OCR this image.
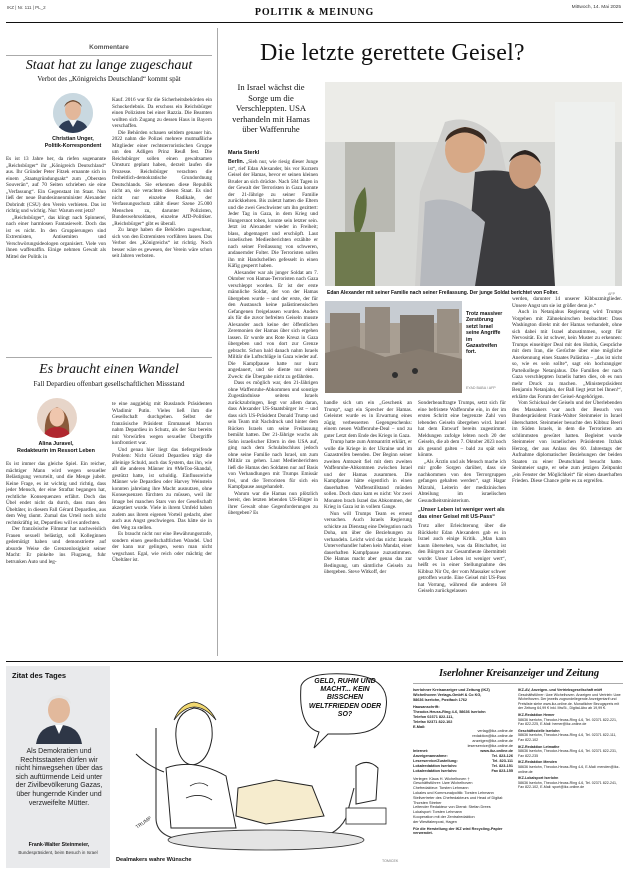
IKZ | Nr. 111 | PL_2	POLITIK & MEINUNG	Mittwoch, 14. Mai 2025
Kommentare
Staat hat zu lange zugeschaut
Verbot des „Königreichs Deutschland“ kommt spät
Christian Unger,
Politik-Korrespondent

Es ist 13 Jahre her, da riefen sogenannte „Reichsbürger“ ihr „Königreich Deutschland“ aus. Ihr Gründer Peter Fitzek ernannte sich in einem „Staatsgründungsakt“ zum „Obersten Souverän“, auf 70 Seiten schrieben sie eine „Verfassung“. Ein Gegenstaat im Staat. Nun ließ der neue Bundesinnenminister Alexander Dobrindt (CSU) den Verein verbieten. Das ist richtig und wichtig. Nur: Warum erst jetzt?

„Reichsbürger“, das klingt nach Spinnereí, nach einer harmlosen Fantasiewelt. Doch das ist es nicht. In den Gruppierungen sind Extremisten, Antisemiten und Verschwörungsideologen organisiert. Viele von ihnen waffenaffin. Einige nehmen Gewalt als Mittel der Politik in

Kauf. 2016 war für die Sicherheitsbehörden ein Schockerlebnis. Da erschoss ein Reichsbürger einen Polizisten bei einer Razzia. Die Beamten wollten sich Zugang zu dessen Haus in Bayern verschaffen.

Die Behörden schauen seitdem genauer hin. 2022 nahm die Polizei mehrere mutmaßliche Mitglieder einer rechtsterroristischen Gruppe um den Adligen Prinz Reuß fest. Die Reichsbürger sollen einen gewaltsamen Umsturz geplant haben, derzeit laufen die Prozesse. Reichsbürger verachten die freiheitlich-demokratische Grundordnung Deutschlands. Sie erkennen diese Republik nicht an, sie verachten diesen Staat. Es sind nicht nur einzelne Radikale, der Verfassungsschutz zählt dieser Szene 25.000 Menschen zu, darunter Polizisten, Bundeswehrsoldaten, einzelne AfD-Politiker. „Reichsbürger“ gibt es überall.

Zu lange haben die Behörden zugeschaut, sich von den Extremisten vorführen lassen. Das Verbot des „Königreichs“ ist richtig. Noch besser wäre es gewesen, der Verein wäre schon seit Jahren verboten.

Es braucht einen Wandel
Fall Depardieu offenbart gesellschaftlichen Missstand
Alina Juravel,
Redakteurin im Ressort Leben

Es ist immer das gleiche Spiel. Ein reicher, mächtiger Mann wird wegen sexueller Belästigung verurteilt, und die Menge jubelt. Keine Frage, es ist wichtig und richtig, dass jeder Mensch, der eine Straftat begangen hat, rechtliche Konsequenzen erfährt. Doch das Übel endet nicht da durch, dass man den Übeltäter, in diesem Fall Gérard Depardieu, aus dem Weg räumt. Zumal das Urteil noch nicht rechtskräftig ist, Depardieu will es anfechten.

Der französische Filmstar hat nachweislich Frauen sexuell belästigt, soll Kolleginnen gedemütigt haben und demonstrierte auf absurde Weise die Grenzenlosigkeit seiner Macht: Er pinkelte ins Flugzeug, fuhr betrunken Auto und leg-

te eine auggiebig mit Russlands Präsidenten Wladimir Putin. Vieles ließ ihm die Gesellschaft durchgehen. Selbst der französische Präsident Emmanuel Macron nahm Depardieu in Schutz, als der Star bereits mit Vorwürfen wegen sexueller Übergriffe konfrontiert war.

Und genau hier liegt das tiefergreifende Problem: Nicht Gérard Depardieu trägt die alleinige Schuld, auch das System, das ihn, wie all die anderen Männer im #MeToo-Skandal, gestützt hatte, ist schuldig. Einflussreiche Männer wie Depardieu oder Harvey Weinstein konnten jahrelang ihre Macht ausnutzen, ohne Konsequenzen fürchten zu müssen, weil ihr Image bei manchen Stars von der Gesellschaft akzeptiert wurde. Viele in ihrem Umfeld haben zudem aus ihrem eigenen Vorteil gedacht, aber auch aus Angst geschwiegen. Das hätte sie in den Weg zu stellen.

Es braucht nicht nur eine Bewährungsstrafe, sondern einen gesellschaftlichen Wandel. Und der kann nur gelingen, wenn man nicht wegschaut. Egal, wie reich oder mächtig der Übeltäter ist.

Die letzte gerettete Geisel?
In Israel wächst die Sorge um die Verschleppten. USA verhandeln mit Hamas über Waffenruhe
Maria Sterkl
Edan Alexander mit seiner Familie nach seiner Freilassung. Der junge Soldat berichtet von Folter.	AFP

Berlin. „Sieh nur, wie riesig dieser Junge ist“, rief Edan Alexander, bis vor Kurzem Geisel der Hamas, bevor er seinen kleinen Bruder an sich drückte. Nach 584 Tagen in der Gewalt der Terroristen in Gaza konnte der 21-Jährige zu seiner Familie zurückkehren. Bis zuletzt hatten die Eltern und die zwei Geschwister um ihn gezittert: Jeder Tag in Gaza, in dem Krieg und Hungersnot toben, konnte sein letzter sein. Jetzt ist Alexander wieder in Freiheit; blass, abgemagert und erschöpft. Laut israelischen Medienberichten erzählte er nach seiner Freilassung von schweren, andauernder Folter. Die Terroristen sollen ihn mit Handschellen gefesselt in einen Käfig gesperrt haben.

Alexander war als junger Soldat am 7. Oktober von Hamas-Terroristen nach Gaza verschleppt worden. Er ist der erste männliche Soldat, der von der Hamas übergeben wurde – und der erste, der für den Austausch keine palästinensischen Gefangenen freigelassen wurden. Anders als für die zuvor befreiten Geiseln musste Alexander auch keine der öffentlichen Zeremonien der Hamas über sich ergehen lassen. Er wurde ans Rote Kreuz in Gaza übergeben und von dort zur Grenze gebracht. Schon bald danach nahm Israels Militär die Luftschläge in Gaza wieder auf. Die Kampfpause hatte nur kurz angedauert, und sie diente nur einem Zweck: die Übergabe nicht zu gefährden.

Dass es möglich war, den 21-Jährigen ohne Waffenruhe-Abkommen und sonstige Zugeständnisse seitens Israels zurückzubringen, liegt vor allem daran, dass Alexander US-Staatsbürger ist – und dass sich US-Präsident Donald Trump und sein Team mit Nachdruck und hinter dem Rücken Israels um seine Freilassung bemüht hatten. Der 21-Jährige wuchs als Sohn israelischer Eltern in den USA auf, ging nach dem Schulabschluss jedoch ohne seine Familie nach Israel, um zum Militär zu gehen. Laut Medienberichten ließ die Hamas den Soldaten nur auf Basis von Verhandlungen mit Trumps Emissär frei, und die Terroristen für sich ein Kampfpause ausgehandelt.

Warum war die Hamas nun plötzlich bereit, den letzten lebenden US-Bürger in ihrer Gewalt ohne Gegenforderungen zu übergeben? Es

Trotz massiver Zerstörung setzt Israel seine Angriffe im Gazastreifen fort.
EYAD BABA / AFP

handle sich um ein „Geschenk an Trump“, sagt ein Sprecher der Hamas. Geleistet wurde es in Erwartung eines zügig verbesserten Gegengeschenks: einem neuen Waffenruhe-Deal – und zu guter Letzt dem Ende des Kriegs in Gaza.

Trump hatte zum Amtsantritt erklärt, er wolle die Kriege in der Ukraine und im Gazastreifen beenden. Der Beginn seiner zweiten Amtszeit fiel mit dem zweiten Waffenruhe-Abkommen zwischen Israel und der Hamas zusammen. Die Kampfpause hätte eigentlich in einen dauerhaften Waffenstillstand münden sollen. Doch dazu kam es nicht: Vor zwei Monaten brach Israel das Abkommen, der Krieg in Gaza ist in vollem Gange.

Nun will Trumps Team es erneut versuchen. Auch Israels Regierung schickte an Dienstag eine Delegation nach Doha, um über die Beziehungen zu verhandeln. Leicht wird das nicht: Israels Unterverhandler haben kein Mandat, einer dauerhaften Kampfpause zuzustimmen. Die Hamas macht aber genau das zur Bedingung, um sämtliche Geiseln zu übergeben. Steve Witkoff, der

Sonderbeauftragte Trumps, setzt sich für eine befristete Waffenruhe ein, in der im ersten Schritt eine begrenzte Zahl von lebenden Geiseln übergeben wird. Israel hat dem Entwurf bereits zugestimmt. Meldungen zufolge lebten noch 20 der Geiseln, die ab dem 7. Oktober 2023 noch als gesund galten – bald zu spät sein könnte.

„Als Ärztin und als Mensch mache ich mir große Sorgen darüber, dass sie nachkommen von den Terrorgruppen gefangen gehalten werden“, sagt Hagar Mizrahi, Leiterin der medizinischen Abteilung im israelischen Gesundheitsministerium.

„Unser Leben ist weniger wert als das einer Geisel mit US-Pass“

Trotz aller Erleichterung über die Rückkehr Edan Alexanders gab es in Israel auch einige Kritik. „Man kann kaum übersehen, was da Bitschaftet, ist den Bürgern zur Gesamtheute übermittelt wurde: Unser Leben ist weniger wert“, heißt es in einer Stellungnahme des Kibbuz Nir Oz, der vom Massaker schwer getroffen wurde. Eine Geisel mit US-Pass hat Vorrang, während die anderen 58 Geiseln zurückgelassen

werden, darunter 14 unserer Kibbuzmitglieder. Unsere Angst um sie ist größer denn je.“

Auch in Netanjahus Regierung wird Trumps Vorgehen mit Zähneknirschen beobachtet: Dass Washington direkt mit der Hamas verhandelt, ohne sich dabei mit Israel abzustimmen, sorgt für Nervosität. Es ist schwer, kein Muster zu erkennen: Trumps einseitiger Deal mit den Huthis, Gespräche mit dem Iran, die Gerüchte über eine mögliche Anerkennung eines Staates Palästina – „das ist nicht so, wie es sein sollte“, sagt ein hochrangiger Parteikollege Netanjahus. Die Familien der nach Gaza verschleppten Israelis hatten dies, ob es nun mehr Druck zu machen. „Ministerpräsident Benjamin Netanjahu, der Ball liegt jetzt bei Ihnen!“, erklärte das Forum der Geisel-Angehörigen.

Vom Schicksal der Geiseln und der Überlebenden des Massakers war auch der Besuch von Bundespräsident Frank-Walter Steinmeier in Israel überschattet. Steinmeier besuchte den Kibbuz Beeri im Süden Israels, in dem die Terroristen am schlimmsten gewütet hatten. Begleitet wurde Steinmeier von israelischen Präsidenten Itzhak Herzog, der aus Anlass des 60. Jahrestags der Aufnahme diplomatischer Beziehungen der beiden Staaten zu einer Deutschland besucht hatte. Steinmeier sagte, er sehe zum jetzigen Zeitpunkt „ein Fenster der Möglichkeit“ für einen dauerhaften Frieden. Diese Chance gelte es zu ergreifen.

Zitat des Tages
Als Demokratien und Rechtsstaaten dürfen wir nicht hinwegsehen über das sich auftürmende Leid unter der Zivilbevölkerung Gazas, über hungernde Kinder und verzweifelte Mütter.
Frank-Walter Steinmeier,
Bundespräsident, beim Besuch in Israel
GELD, RUHM UND MACHT... KEIN BISSCHEN WELTFRIEDEN ODER SO?
TRUMP
Dealmakers wahre Wünsche	TOMICEK
Iserlohner Kreisanzeiger und Zeitung
Iserlohner Kreisanzeiger und Zeitung (IKZ)
Wichelhoven Verlags-GmbH & Co KG,
58636 Iserlohn, Postfach 1762
Hausanschrift:
Theodor-Heuss-Ring 4-6, 58636 Iserlohn
Telefon 02371 822-111,
Telefax 02371 822-102
E-Mail:
verlag@ikz-online.de
redaktion@ikz-online.de
anzeigen@ikz-online.de
leserservice@ikz-online.de
Internet:	www.ikz-online.de
Anzeigenannahme:	Tel. 823-126
Leserservice/Zustellung:	Tel. 823-111
Lokalredaktion Iserlohn:	Tel. 823-151
Lokalredaktion Iserlohn:	Fax 823-155
Verleger: Klaus H. Wichelhoven †
Geschäftsführer: Uwe Wichelhoven
Chefredakteur: Torsten Lehmann
Lokales und Kommunalpolitik: Torsten Lehmann
Stellvertreter des Chefredakteurs und Head of Digital: Thorsten Streber
Leitender Redakteur von Dienst: Stefan Drees
Lokalsport: Torsten Lehmann
Kooperation mit der Zentralredaktion
der Westfalenpost, Hagen
Für die Herstellung der IKZ wird Recycling-Papier verwendet.
IKZ-AV, Anzeigen- und Vertriebsgesellschaft mbH
Geschäftsführer: Uwe Wichelhoven. Anzeigen und Vertrieb: Uwe Wichelhoven. Der jeweils zugrundeliegende Anzeigentarif und Preisliste siehe www.ikz-online.de. Monatlicher Bezugspreis mit der Zeitung 64,99 € inkl. MwSt., Digital-Abo ab 19,99 €.
IKZ-Redaktion Hemer
58636 Iserlohn, Theodor-Heuss-Ring 4-6, Tel. 02371 822-221, Fax 822-225, E-Mail: hemer@ikz-online.de
Geschäftsstelle Iserlohn
58636 Iserlohn, Theodor-Heuss-Ring 4-6, Tel. 02371 822-111, Fax 822-102
IKZ-Redaktion Letmathe
58636 Iserlohn, Theodor-Heuss-Ring 4-6, Tel. 02371 822-231, Fax 822-235
IKZ-Redaktion Menden
58636 Iserlohn, Theodor-Heuss-Ring 4-6, E-Mail: menden@ikz-online.de
IKZ-Lokalsport Iserlohn
58636 Iserlohn, Theodor-Heuss-Ring 4-6, Tel. 02371 822-241, Fax 822-102, E-Mail: sport@ikz-online.de
